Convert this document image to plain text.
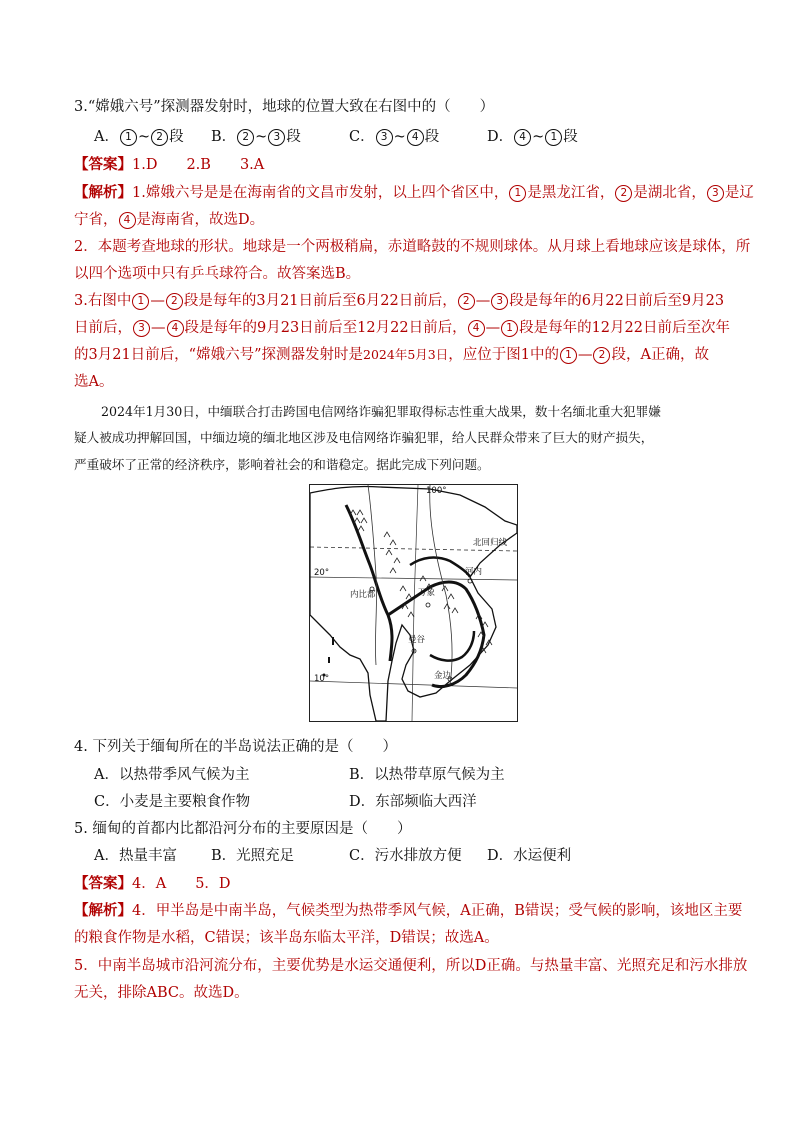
3.“嫦娥六号”探测器发射时，地球的位置大致在右图中的（　　）
A． 1 ~ 2 段 B． 2 ~ 3 段	C． 3 ~ 4 段	D． 4 ~ 1 段
【答案】1.D　　2.B　　3.A
【解析】1.嫦娥六号是是在海南省的文昌市发射，以上四个省区中， 1 是黑龙江省， 2 是湖北省， 3 是辽
宁省， 4 是海南省，故选D。
2．本题考查地球的形状。地球是一个两极稍扁，赤道略鼓的不规则球体。从月球上看地球应该是球体，所
以四个选项中只有乒乓球符合。故答案选B。
3.右图中 1 — 2 段是每年的3月21日前后至6月22日前后， 2 — 3 段是每年的6月22日前后至9月23
日前后， 3 — 4 段是每年的9月23日前后至12月22日前后， 4 — 1 段是每年的12月22日前后至次年
的3月21日前后，“嫦娥六号”探测器发射时是2024年5月3日，应位于图1中的 1 — 2 段，A正确，故
选A。
2024年1月30日，中缅联合打击跨国电信网络诈骗犯罪取得标志性重大战果，数十名缅北重大犯罪嫌
疑人被成功押解回国，中缅边境的缅北地区涉及电信网络诈骗犯罪，给人民群众带来了巨大的财产损失，
严重破坏了正常的经济秩序，影响着社会的和谐稳定。据此完成下列问题。
100°
北回归线
20°
10°
河内
内比都	万象
曼谷
金边
4. 下列关于缅甸所在的半岛说法正确的是（　　）
A．以热带季风气候为主	B．以热带草原气候为主
C．小麦是主要粮食作物	D．东部频临大西洋
5. 缅甸的首都内比都沿河分布的主要原因是（　　）
A．热量丰富 B．光照充足	C．污水排放方便 D．水运便利
【答案】4．A　　5．D
【解析】4．甲半岛是中南半岛，气候类型为热带季风气候，A正确，B错误；受气候的影响，该地区主要
的粮食作物是水稻，C错误；该半岛东临太平洋，D错误；故选A。
5．中南半岛城市沿河流分布，主要优势是水运交通便利，所以D正确。与热量丰富、光照充足和污水排放
无关，排除ABC。故选D。
